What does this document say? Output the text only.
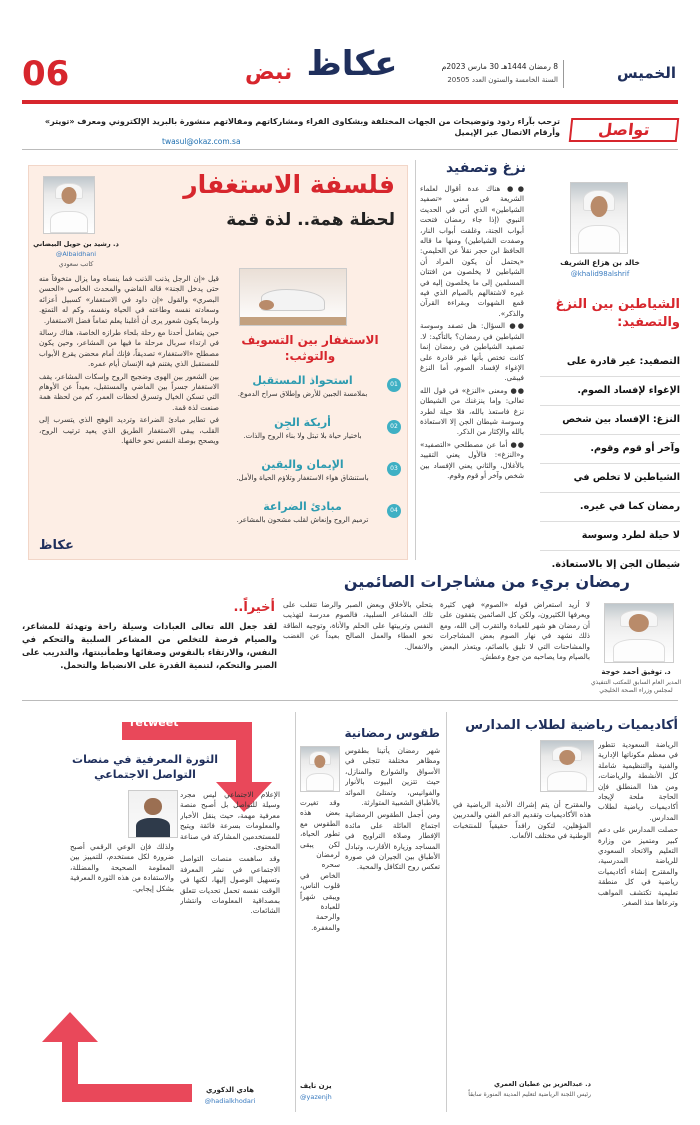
06	نبض عكاظ	8 رمضان 1444هـ 30 مارس 2023م
السنة الخامسة والستون العدد 20505	الخميس
تواصل
ترحب بآراء ردود وتوضيحات من الجهات المختلفة وبشكاوى القراء ومشاركاتهم ومقالاتهم منشورة بالبريد الإلكتروني ومعرف «تويتر» وأرقام الاتصال عبر الإيميل
twasul@okaz.com.sa
خالد بن هزاع الشريف
@khalid98alshrif
الشياطين بين النزغ والتصفيد:
التصفيد: غير قادرة على
الإغواء لإفساد الصوم.
النزغ: الإفساد بين شخص
وآخر أو قوم وقوم.
الشياطين لا تخلص في
رمضان كما في غيره.
لا حيلة لطرد وسوسة
شيطان الجن إلا بالاستعاذة.
نزغ وتصفيد

●● هناك عدة أقوال لعلماء الشريعة في معنى «تصفيد الشياطين» الذي أتى في الحديث النبوي (إذا جاء رمضان فتحت أبواب الجنة، وغلقت أبواب النار، وصفدت الشياطين) ومنها ما قاله الحافظ ابن حجر نقلاً عن الحليمي: «يحتمل أن يكون المراد أن الشياطين لا يخلصون من افتتان المسلمين إلى ما يخلصون إليه في غيره لاشتغالهم بالصيام الذي فيه قمع الشهوات وبقراءة القرآن والذكر».

●● السؤال: هل تصفد وسوسة الشياطين في رمضان؟ بالتأكيد: لا. تصفيد الشياطين في رمضان إنما كانت تختص بأنها غير قادرة على الإغواء لإفساد الصوم، أما النزغ فيبقى.

●● ومعنى «النزغ» في قول الله تعالى: وإما ينزغنك من الشيطان نزغ فاستعذ بالله، فلا حيلة لطرد وسوسة شيطان الجن إلا الاستعاذة بالله والإكثار من الذكر.

●● أما عن مصطلحي «التصفيد» و«النزغ»: فالأول يعني التقييد بالأغلال، والثاني يعني الإفساد بين شخص وآخر أو قوم وقوم.

فلسفة الاستغفار
لحظة همة.. لذة قمة
د. رشيد بن حويل البيضاني
@Albaidhani
كاتب سعودي
الاستغفار بين التسويف والتوثب:
01
استحواذ المستقبل
بملامسة الجبين للأرض وإطلاق سراح الدموع.
02
أريكة الجِن
باختيار حياة بلا تبتل ولا بناء الروح والذات.
03
الإيمان واليقين
باستنشاق هواء الاستغفار وتلاؤم الحياة والأمل.
04
مبادئ الضراعة
ترميم الروح وإنعاش لقلب مشحون بالمشاعر.

قيل «إن الرجل يذنب الذنب فما ينساه وما يزال متخوفاً منه حتى يدخل الجنة» قاله القاضي والمحدث الخاصي «الحسن البصري» والقول «إن داود في الاستغفار» كسبيل أعزائه وسعادته نفسه وطاعته في الحياة ونفسه، وكم له التمتع. ولربما يكون شعور يرى أن أغلبنا يعلم تماماً فضل الاستغفار.

حين يتعامل أحدنا مع رحلة بلحاء طرازه الخاصة، هناك رسالة في ارتداء سربال مرحلة ما فيها من المشاعر، وحين يكون مصطلح «الاستغفار» تصديقاً، فإنك أمام محضن يقرع الأبواب للمستقبل الذي يغتنم فيه الإنسان أيام عمره.

بين الشعور بين الهوى وضجيج الروح وإسكات المشاعر، يقف الاستغفار جسراً بين الماضي والمستقبل، بعيداً عن الأوهام التي تسكن الخيال وتسرق لحظات العمر، كم من لحظة همة صنعت لذة قمة.

في تطاير مبادئ الضراعة وترديد الوهج الذي يتسرب إلى القلب، يبقى الاستغفار الطريق الذي يعيد ترتيب الروح، ويصحح بوصلة النفس نحو خالقها.

عكاظ
رمضان بريء من مشاجرات الصائمين
د. توفيق أحمد خوجة
المدير العام السابق للمكتب التنفيذي لمجلس وزراء الصحة الخليجي
لا أريد استعراض قوله «الصوم» فهي كثيرة ويعرفها الكثيرون، ولكن كل الصائمين يتفقون على أن رمضان هو شهر للعبادة والتقرب إلى الله، ومع ذلك نشهد في نهار الصوم بعض المشاجرات والمشاحنات التي لا تليق بالصائم، ويتعذر البعض بالصيام وما يصاحبه من جوع وعطش.
بتحلي بالأخلاق وبعض الصبر والرضا تتغلب على تلك المشاعر السلبية، فالصوم مدرسة لتهذيب النفس وتربيتها على الحلم والأناة، وتوجيه الطاقة نحو العطاء والعمل الصالح بعيداً عن الغضب والانفعال.
أخيراً..
لقد جعل الله تعالى العبادات وسيلة راحة وتهدئة للمشاعر، والصيام فرصة للتخلص من المشاعر السلبية والتحكم في النفس، والارتقاء بالنفوس وصفائها وطمأنينتها، والتدريب على الصبر والتحكم، لتنمية القدرة على الانضباط والتحمل.
أكاديميات رياضية لطلاب المدارس

الرياضة السعودية تتطور في معظم مكوناتها الإدارية والفنية والتنظيمية شاملة كل الأنشطة والرياضات، ومن هذا المنطلق فإن الحاجة ملحة لإيجاد أكاديميات رياضية لطلاب المدارس.

حصلت المدارس على دعم كبير ومتميز من وزارة التعليم والاتحاد السعودي للرياضة المدرسية، والمقترح إنشاء أكاديميات رياضية في كل منطقة تعليمية تكتشف المواهب وترعاها منذ الصغر.

والمقترح أن يتم إشراك الأندية الرياضية في هذه الأكاديميات وتقديم الدعم الفني والمدربين المؤهلين، لتكون رافداً حقيقياً للمنتخبات الوطنية في مختلف الألعاب.

د. عبدالعزيز بن عطيان العمري
رئيس اللجنة الرياضية لتعليم المدينة المنورة سابقاً
طقوس رمضانية

شهر رمضان يأتينا بطقوس ومظاهر مختلفة تتجلى في الأسواق والشوارع والمنازل، حيث تتزين البيوت بالأنوار والفوانيس، وتمتلئ الموائد بالأطباق الشعبية المتوارثة.

ومن أجمل الطقوس الرمضانية اجتماع العائلة على مائدة الإفطار وصلاة التراويح في المساجد وزيارة الأقارب، وتبادل الأطباق بين الجيران في صورة تعكس روح التكافل والمحبة.

وقد تغيرت بعض هذه الطقوس مع تطور الحياة، لكن يبقى لرمضان سحره الخاص في قلوب الناس، ويبقى شهراً للعبادة والرحمة والمغفرة.

يزن نايف
@yazenjh
retweet
الثورة المعرفية في منصات التواصل الاجتماعي

الإعلام الاجتماعي ليس مجرد وسيلة للتواصل بل أصبح منصة معرفية مهمة، حيث ينقل الأخبار والمعلومات بسرعة فائقة ويتيح للمستخدمين المشاركة في صناعة المحتوى.

وقد ساهمت منصات التواصل الاجتماعي في نشر المعرفة وتسهيل الوصول إليها، لكنها في الوقت نفسه تحمل تحديات تتعلق بمصداقية المعلومات وانتشار الشائعات.

ولذلك فإن الوعي الرقمي أصبح ضرورة لكل مستخدم، للتمييز بين المعلومة الصحيحة والمضللة، والاستفادة من هذه الثورة المعرفية بشكل إيجابي.

هادي الذكوري
@hadialkhodari
